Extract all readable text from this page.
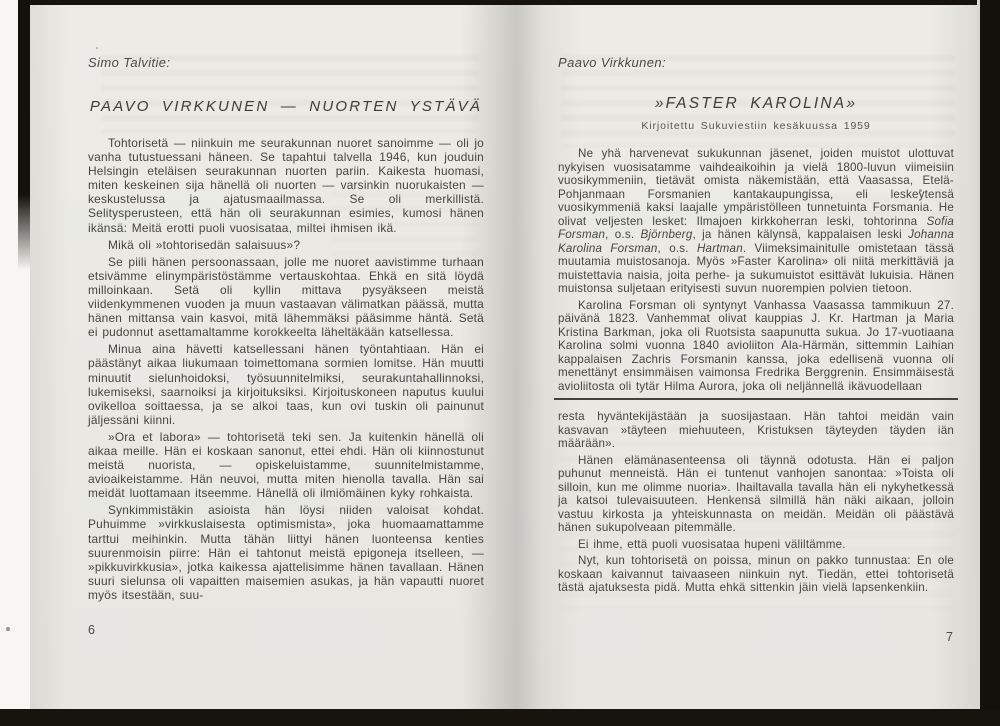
Simo Talvitie:
PAAVO VIRKKUNEN — NUORTEN YSTÄVÄ

Tohtorisetä — niinkuin me seurakunnan nuoret sanoimme — oli jo vanha tutustuessani häneen. Se tapahtui talvella 1946, kun jouduin Helsingin eteläisen seurakunnan nuorten pariin. Kaikesta huomasi, miten keskeinen sija hänellä oli nuorten — varsinkin nuorukaisten — keskustelussa ja ajatusmaailmassa. Se oli merkillistä. Selitysperusteen, että hän oli seurakunnan esimies, kumosi hänen ikänsä: Meitä erotti puoli vuosisataa, miltei ihmisen ikä.

Mikä oli »tohtorisedän salaisuus»?

Se piili hänen persoonassaan, jolle me nuoret aavistimme turhaan etsivämme elinympäristöstämme vertauskohtaa. Ehkä en sitä löydä milloinkaan. Setä oli kyllin mittava pysyäkseen meistä viidenkymmenen vuoden ja muun vastaavan välimatkan päässä, mutta hänen mittansa vain kasvoi, mitä lähemmäksi pääsimme häntä. Setä ei pudonnut asettamaltamme korokkeelta läheltäkään katsellessa.

Minua aina hävetti katsellessani hänen työntahtiaan. Hän ei päästänyt aikaa liukumaan toimettomana sormien lomitse. Hän muutti minuutit sielunhoidoksi, työsuunnitelmiksi, seurakuntahallinnoksi, lukemiseksi, saarnoiksi ja kirjoituksiksi. Kirjoituskoneen naputus kuului ovikelloa soittaessa, ja se alkoi taas, kun ovi tuskin oli painunut jäljessäni kiinni.

»Ora et labora» — tohtorisetä teki sen. Ja kuitenkin hänellä oli aikaa meille. Hän ei koskaan sanonut, ettei ehdi. Hän oli kiinnostunut meistä nuorista, — opiskeluistamme, suunnitelmistamme, avioaikeistamme. Hän neuvoi, mutta miten hienolla tavalla. Hän sai meidät luottamaan itseemme. Hänellä oli ilmiömäinen kyky rohkaista.

Synkimmistäkin asioista hän löysi niiden valoisat kohdat. Puhuimme »virkkuslaisesta optimismista», joka huomaamattamme tarttui meihinkin. Mutta tähän liittyi hänen luonteensa kenties suurenmoisin piirre: Hän ei tahtonut meistä epigoneja itselleen, — »pikkuvirkkusia», jotka kaikessa ajattelisimme hänen tavallaan. Hänen suuri sielunsa oli vapaitten maisemien asukas, ja hän vapautti nuoret myös itsestään, suu-

6
Paavo Virkkunen:
»FASTER KAROLINA»
Kirjoitettu Sukuviestiin kesäkuussa 1959

Ne yhä harvenevat sukukunnan jäsenet, joiden muistot ulottuvat nykyisen vuosisatamme vaihdeaikoihin ja vielä 1800-luvun viimeisiin vuosikymmeniin, tietävät omista näkemistään, että Vaasassa, Etelä-Pohjanmaan Forsmanien kantakaupungissa, eli leskeytensä vuosikymmeniä kaksi laajalle ympäristölleen tunnetuinta Forsmania. He olivat veljesten lesket: Ilmajoen kirkkoherran leski, tohtorinna Sofia Forsman, o.s. Björnberg, ja hänen kälynsä, kappalaisen leski Johanna Karolina Forsman, o.s. Hartman. Viimeksimainitulle omistetaan tässä muutamia muistosanoja. Myös »Faster Karolina» oli niitä merkittäviä ja muistettavia naisia, joita perhe- ja sukumuistot esittävät lukuisia. Hänen muistonsa suljetaan erityisesti suvun nuorempien polvien tietoon.

Karolina Forsman oli syntynyt Vanhassa Vaasassa tammikuun 27. päivänä 1823. Vanhemmat olivat kauppias J. Kr. Hartman ja Maria Kristina Barkman, joka oli Ruotsista saapunutta sukua. Jo 17-vuotiaana Karolina solmi vuonna 1840 avioliiton Ala-Härmän, sittemmin Laihian kappalaisen Zachris Forsmanin kanssa, joka edellisenä vuonna oli menettänyt ensimmäisen vaimonsa Fredrika Berggrenin. Ensimmäisestä avioliitosta oli tytär Hilma Aurora, joka oli neljännellä ikävuodellaan

resta hyväntekijästään ja suosijastaan. Hän tahtoi meidän vain kasvavan »täyteen miehuuteen, Kristuksen täyteyden täyden iän määrään».

Hänen elämänasenteensa oli täynnä odotusta. Hän ei paljon puhunut menneistä. Hän ei tuntenut vanhojen sanontaa: »Toista oli silloin, kun me olimme nuoria». Ihailtavalla tavalla hän eli nykyhetkessä ja katsoi tulevaisuuteen. Henkensä silmillä hän näki aikaan, jolloin vastuu kirkosta ja yhteiskunnasta on meidän. Meidän oli päästävä hänen sukupolveaan pitemmälle.

Ei ihme, että puoli vuosisataa hupeni väliltämme.

Nyt, kun tohtorisetä on poissa, minun on pakko tunnustaa: En ole koskaan kaivannut taivaaseen niinkuin nyt. Tiedän, ettei tohtorisetä tästä ajatuksesta pidä. Mutta ehkä sittenkin jäin vielä lapsenkenkiin.

7
